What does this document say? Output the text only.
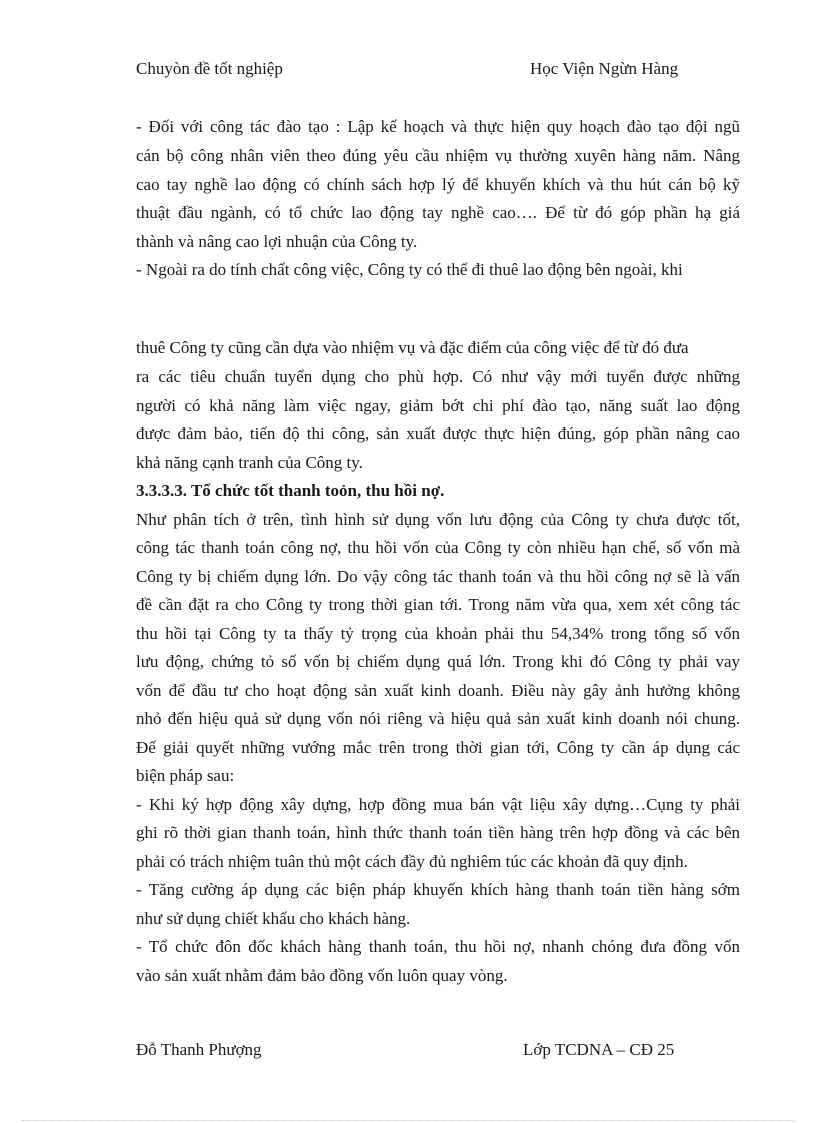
Chuyòn đề tốt nghiệp	Học Viện Ngừn Hàng
- Đối với công tác đào tạo : Lập kế hoạch và thực hiện quy hoạch đào tạo đội ngũ
cán bộ công nhân viên theo đúng yêu cầu nhiệm vụ thường xuyên hàng năm. Nâng
cao tay nghề lao động có chính sách hợp lý để khuyến khích và thu hút cán bộ kỹ
thuật đầu ngành, có tổ chức lao động tay nghề cao…. Để từ đó góp phần hạ giá
thành và nâng cao lợi nhuận của Công ty.
- Ngoài ra do tính chất công việc, Công ty có thể đi thuê lao động bên ngoài, khi
thuê Công ty cũng cần dựa vào nhiệm vụ và đặc điểm của công việc để từ đó đưa
ra các tiêu chuẩn tuyển dụng cho phù hợp. Có như vậy mới tuyển được những
người có khả năng làm việc ngay, giảm bớt chi phí đào tạo, năng suất lao động
được đảm bảo, tiến độ thi công, sản xuất được thực hiện đúng, góp phần nâng cao
khả năng cạnh tranh của Công ty.
3.3.3.3. Tổ chức tốt thanh toỏn, thu hồi nợ.
Như phân tích ở trên, tình hình sử dụng vốn lưu động của Công ty chưa được tốt,
công tác thanh toán công nợ, thu hồi vốn của Công ty còn nhiều hạn chế, số vốn mà
Công ty bị chiếm dụng lớn. Do vậy công tác thanh toán và thu hồi công nợ sẽ là vấn
đề cần đặt ra cho Công ty trong thời gian tới. Trong năm vừa qua, xem xét công tác
thu hồi tại Công ty ta thấy tỷ trọng của khoản phải thu 54,34% trong tổng số vốn
lưu động, chứng tỏ số vốn bị chiếm dụng quá lớn. Trong khi đó Công ty phải vay
vốn để đầu tư cho hoạt động sản xuất kinh doanh. Điều này gây ảnh hưởng không
nhỏ đến hiệu quả sử dụng vốn nói riêng và hiệu quả sản xuất kinh doanh nói chung.
Để giải quyết những vướng mắc trên trong thời gian tới, Công ty cần áp dụng các
biện pháp sau:
- Khi ký hợp động xây dựng, hợp đồng mua bán vật liệu xây dựng…Cụng ty phải
ghi rõ thời gian thanh toán, hình thức thanh toán tiền hàng trên hợp đồng và các bên
phải có trách nhiệm tuân thủ một cách đầy đủ nghiêm túc các khoản đã quy định.
- Tăng cường áp dụng các biện pháp khuyến khích hàng thanh toán tiền hàng sớm
như sử dụng chiết khấu cho khách hàng.
- Tổ chức đôn đốc khách hàng thanh toán, thu hồi nợ, nhanh chóng đưa đồng vốn
vào sản xuất nhằm đảm bảo đồng vốn luôn quay vòng.
Đỗ Thanh Phượng	Lớp TCDNA – CĐ 25
